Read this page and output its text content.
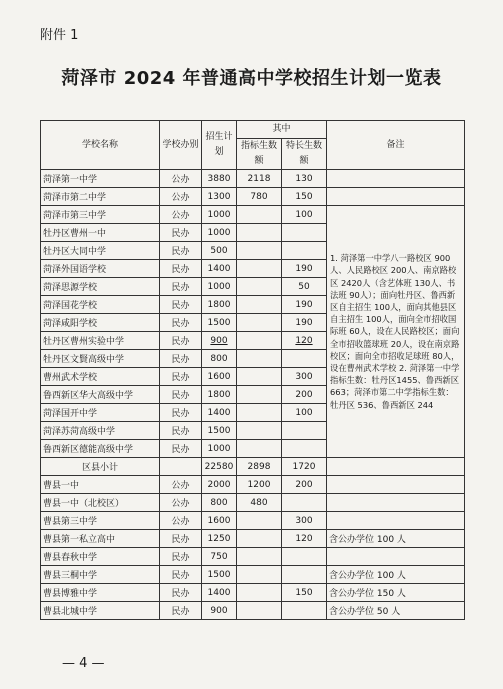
附件 1
菏泽市 2024 年普通高中学校招生计划一览表
学校名称	学校办别	招生计划	其中		备注
			指标生数额	特长生数额	
菏泽第一中学	公办	3880	2118	130	
菏泽市第二中学	公办	1300	780	150	
菏泽市第三中学	公办	1000		100	1. 菏泽第一中学八一路校区 900人、人民路校区 200人、南京路校区 2420人（含艺体班 130人、书法班 90人）；面向牡丹区、鲁西新区自主招生 100人，面向其他县区自主招生 100人，面向全市招收国际班 60人，设在人民路校区；面向全市招收篮球班 20人，设在南京路校区；面向全市招收足球班 80人，设在曹州武术学校 2. 菏泽第一中学指标生数：牡丹区1455、鲁西新区663；菏泽市第二中学指标生数：牡丹区 536、鲁西新区 244
牡丹区曹州一中	民办	1000			
牡丹区大同中学	民办	500			
菏泽外国语学校	民办	1400		190	
菏泽思源学校	民办	1000		50	
菏泽国花学校	民办	1800		190	
菏泽咸阳学校	民办	1500		190	
牡丹区曹州实验中学	民办	900		120	
牡丹区文賢高级中学	民办	800			
曹州武术学校	民办	1600		300	
鲁西新区华大高级中学	民办	1800		200	
菏泽国开中学	民办	1400		100	
菏泽苏菏高级中学	民办	1500			
鲁西新区德能高级中学	民办	1000			
区县小计		22580	2898	1720	
曹县一中	公办	2000	1200	200	
曹县一中（北校区）	公办	800	480		
曹县第三中学	公办	1600		300	
曹县第一私立高中	民办	1250		120	含公办学位 100 人
曹县春秋中学	民办	750			
曹县三桐中学	民办	1500			含公办学位 100 人
曹县博雅中学	民办	1400		150	含公办学位 150 人
曹县北城中学	民办	900			含公办学位 50 人
— 4 —
